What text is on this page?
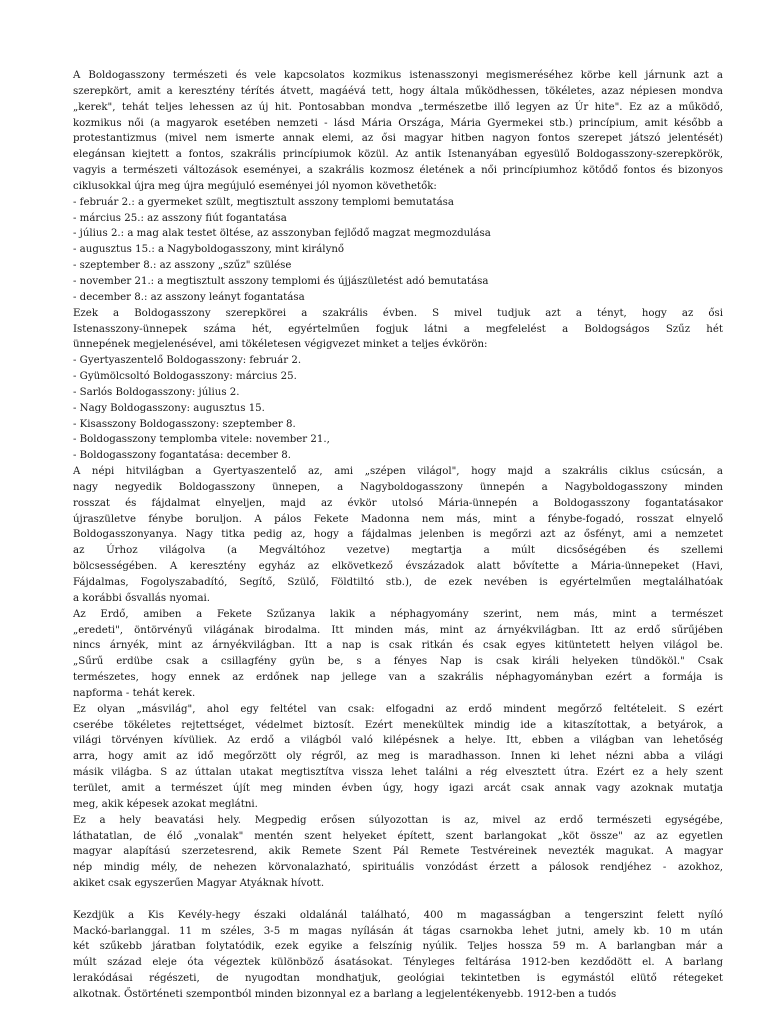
A Boldogasszony természeti és vele kapcsolatos kozmikus istenasszonyi megismeréséhez körbe kell járnunk azt a
szerepkört, amit a keresztény térítés átvett, magáévá tett, hogy általa működhessen, tökéletes, azaz népiesen mondva
„kerek", tehát teljes lehessen az új hit. Pontosabban mondva „természetbe illő legyen az Úr hite". Ez az a működő,
kozmikus női (a magyarok esetében nemzeti - lásd Mária Országa, Mária Gyermekei stb.) princípium, amit később a
protestantizmus (mivel nem ismerte annak elemi, az ősi magyar hitben nagyon fontos szerepet játszó jelentését)
elegánsan kiejtett a fontos, szakrális princípiumok közül. Az antik Istenanyában egyesülő Boldogasszony-szerepkörök,
vagyis a természeti változások eseményei, a szakrális kozmosz életének a női princípiumhoz kötődő fontos és bizonyos
ciklusokkal újra meg újra megújuló eseményei jól nyomon követhetők:
- február 2.: a gyermeket szült, megtisztult asszony templomi bemutatása
- március 25.: az asszony fiút fogantatása
- július 2.: a mag alak testet öltése, az asszonyban fejlődő magzat megmozdulása
- augusztus 15.: a Nagyboldogasszony, mint királynő
- szeptember 8.: az asszony „szűz" szülése
- november 21.: a megtisztult asszony templomi és újjászületést adó bemutatása
- december 8.: az asszony leányt fogantatása
Ezek a Boldogasszony szerepkörei a szakrális évben. S mivel tudjuk azt a tényt, hogy az ősi
Istenasszony-ünnepek száma hét, egyértelműen fogjuk látni a megfelelést a Boldogságos Szűz hét
ünnepének megjelenésével, ami tökéletesen végigvezet minket a teljes évkörön:
- Gyertyaszentelő Boldogasszony: február 2.
- Gyümölcsoltó Boldogasszony: március 25.
- Sarlós Boldogasszony: július 2.
- Nagy Boldogasszony: augusztus 15.
- Kisasszony Boldogasszony: szeptember 8.
- Boldogasszony templomba vitele: november 21.,
- Boldogasszony fogantatása: december 8.
A népi hitvilágban a Gyertyaszentelő az, ami „szépen világol", hogy majd a szakrális ciklus csúcsán, a
nagy negyedik Boldogasszony ünnepen, a Nagyboldogasszony ünnepén a Nagyboldogasszony minden
rosszat és fájdalmat elnyeljen, majd az évkör utolsó Mária-ünnepén a Boldogasszony fogantatásakor
újraszületve fénybe boruljon. A pálos Fekete Madonna nem más, mint a fénybe-fogadó, rosszat elnyelő
Boldogasszonyanya. Nagy titka pedig az, hogy a fájdalmas jelenben is megőrzi azt az ősfényt, ami a nemzetet
az Úrhoz világolva (a Megváltóhoz vezetve) megtartja a múlt dicsőségében és szellemi
bölcsességében. A keresztény egyház az elkövetkező évszázadok alatt bővítette a Mária-ünnepeket (Havi,
Fájdalmas, Fogolyszabadító, Segítő, Szülő, Földtiltó stb.), de ezek nevében is egyértelműen megtalálhatóak
a korábbi ősvallás nyomai.
Az Erdő, amiben a Fekete Szűzanya lakik a néphagyomány szerint, nem más, mint a természet
„eredeti", öntörvényű világának birodalma. Itt minden más, mint az árnyékvilágban. Itt az erdő sűrűjében
nincs árnyék, mint az árnyékvilágban. Itt a nap is csak ritkán és csak egyes kitüntetett helyen világol be.
„Sűrű erdübe csak a csillagfény gyün be, s a fényes Nap is csak királi helyeken tündököl." Csak
természetes, hogy ennek az erdőnek nap jellege van a szakrális néphagyományban ezért a formája is
napforma - tehát kerek.
Ez olyan „másvilág", ahol egy feltétel van csak: elfogadni az erdő mindent megőrző feltételeit. S ezért
cserébe tökéletes rejtettséget, védelmet biztosít. Ezért menekültek mindig ide a kitaszítottak, a betyárok, a
világi törvényen kívüliek. Az erdő a világból való kilépésnek a helye. Itt, ebben a világban van lehetőség
arra, hogy amit az idő megőrzött oly régről, az meg is maradhasson. Innen ki lehet nézni abba a világi
másik világba. S az úttalan utakat megtisztítva vissza lehet találni a rég elvesztett útra. Ezért ez a hely szent
terület, amit a természet újít meg minden évben úgy, hogy igazi arcát csak annak vagy azoknak mutatja
meg, akik képesek azokat meglátni.
Ez a hely beavatási hely. Megpedig erősen súlyozottan is az, mivel az erdő természeti egységébe,
láthatatlan, de élő „vonalak" mentén szent helyeket épített, szent barlangokat „köt össze" az az egyetlen
magyar alapítású szerzetesrend, akik Remete Szent Pál Remete Testvéreinek nevezték magukat. A magyar
nép mindig mély, de nehezen körvonalazható, spirituális vonzódást érzett a pálosok rendjéhez - azokhoz,
akiket csak egyszerűen Magyar Atyáknak hívott.
Kezdjük a Kis Kevély-hegy északi oldalánál található, 400 m magasságban a tengerszint felett nyíló
Mackó-barlanggal. 11 m széles, 3-5 m magas nyílásán át tágas csarnokba lehet jutni, amely kb. 10 m után
két szűkebb járatban folytatódik, ezek egyike a felszínig nyúlik. Teljes hossza 59 m. A barlangban már a
múlt század eleje óta végeztek különböző ásatásokat. Tényleges feltárása 1912-ben kezdődött el. A barlang
lerakódásai régészeti, de nyugodtan mondhatjuk, geológiai tekintetben is egymástól elütő rétegeket
alkotnak. Őstörténeti szempontból minden bizonnyal ez a barlang a legjelentékenyebb. 1912-ben a tudós
